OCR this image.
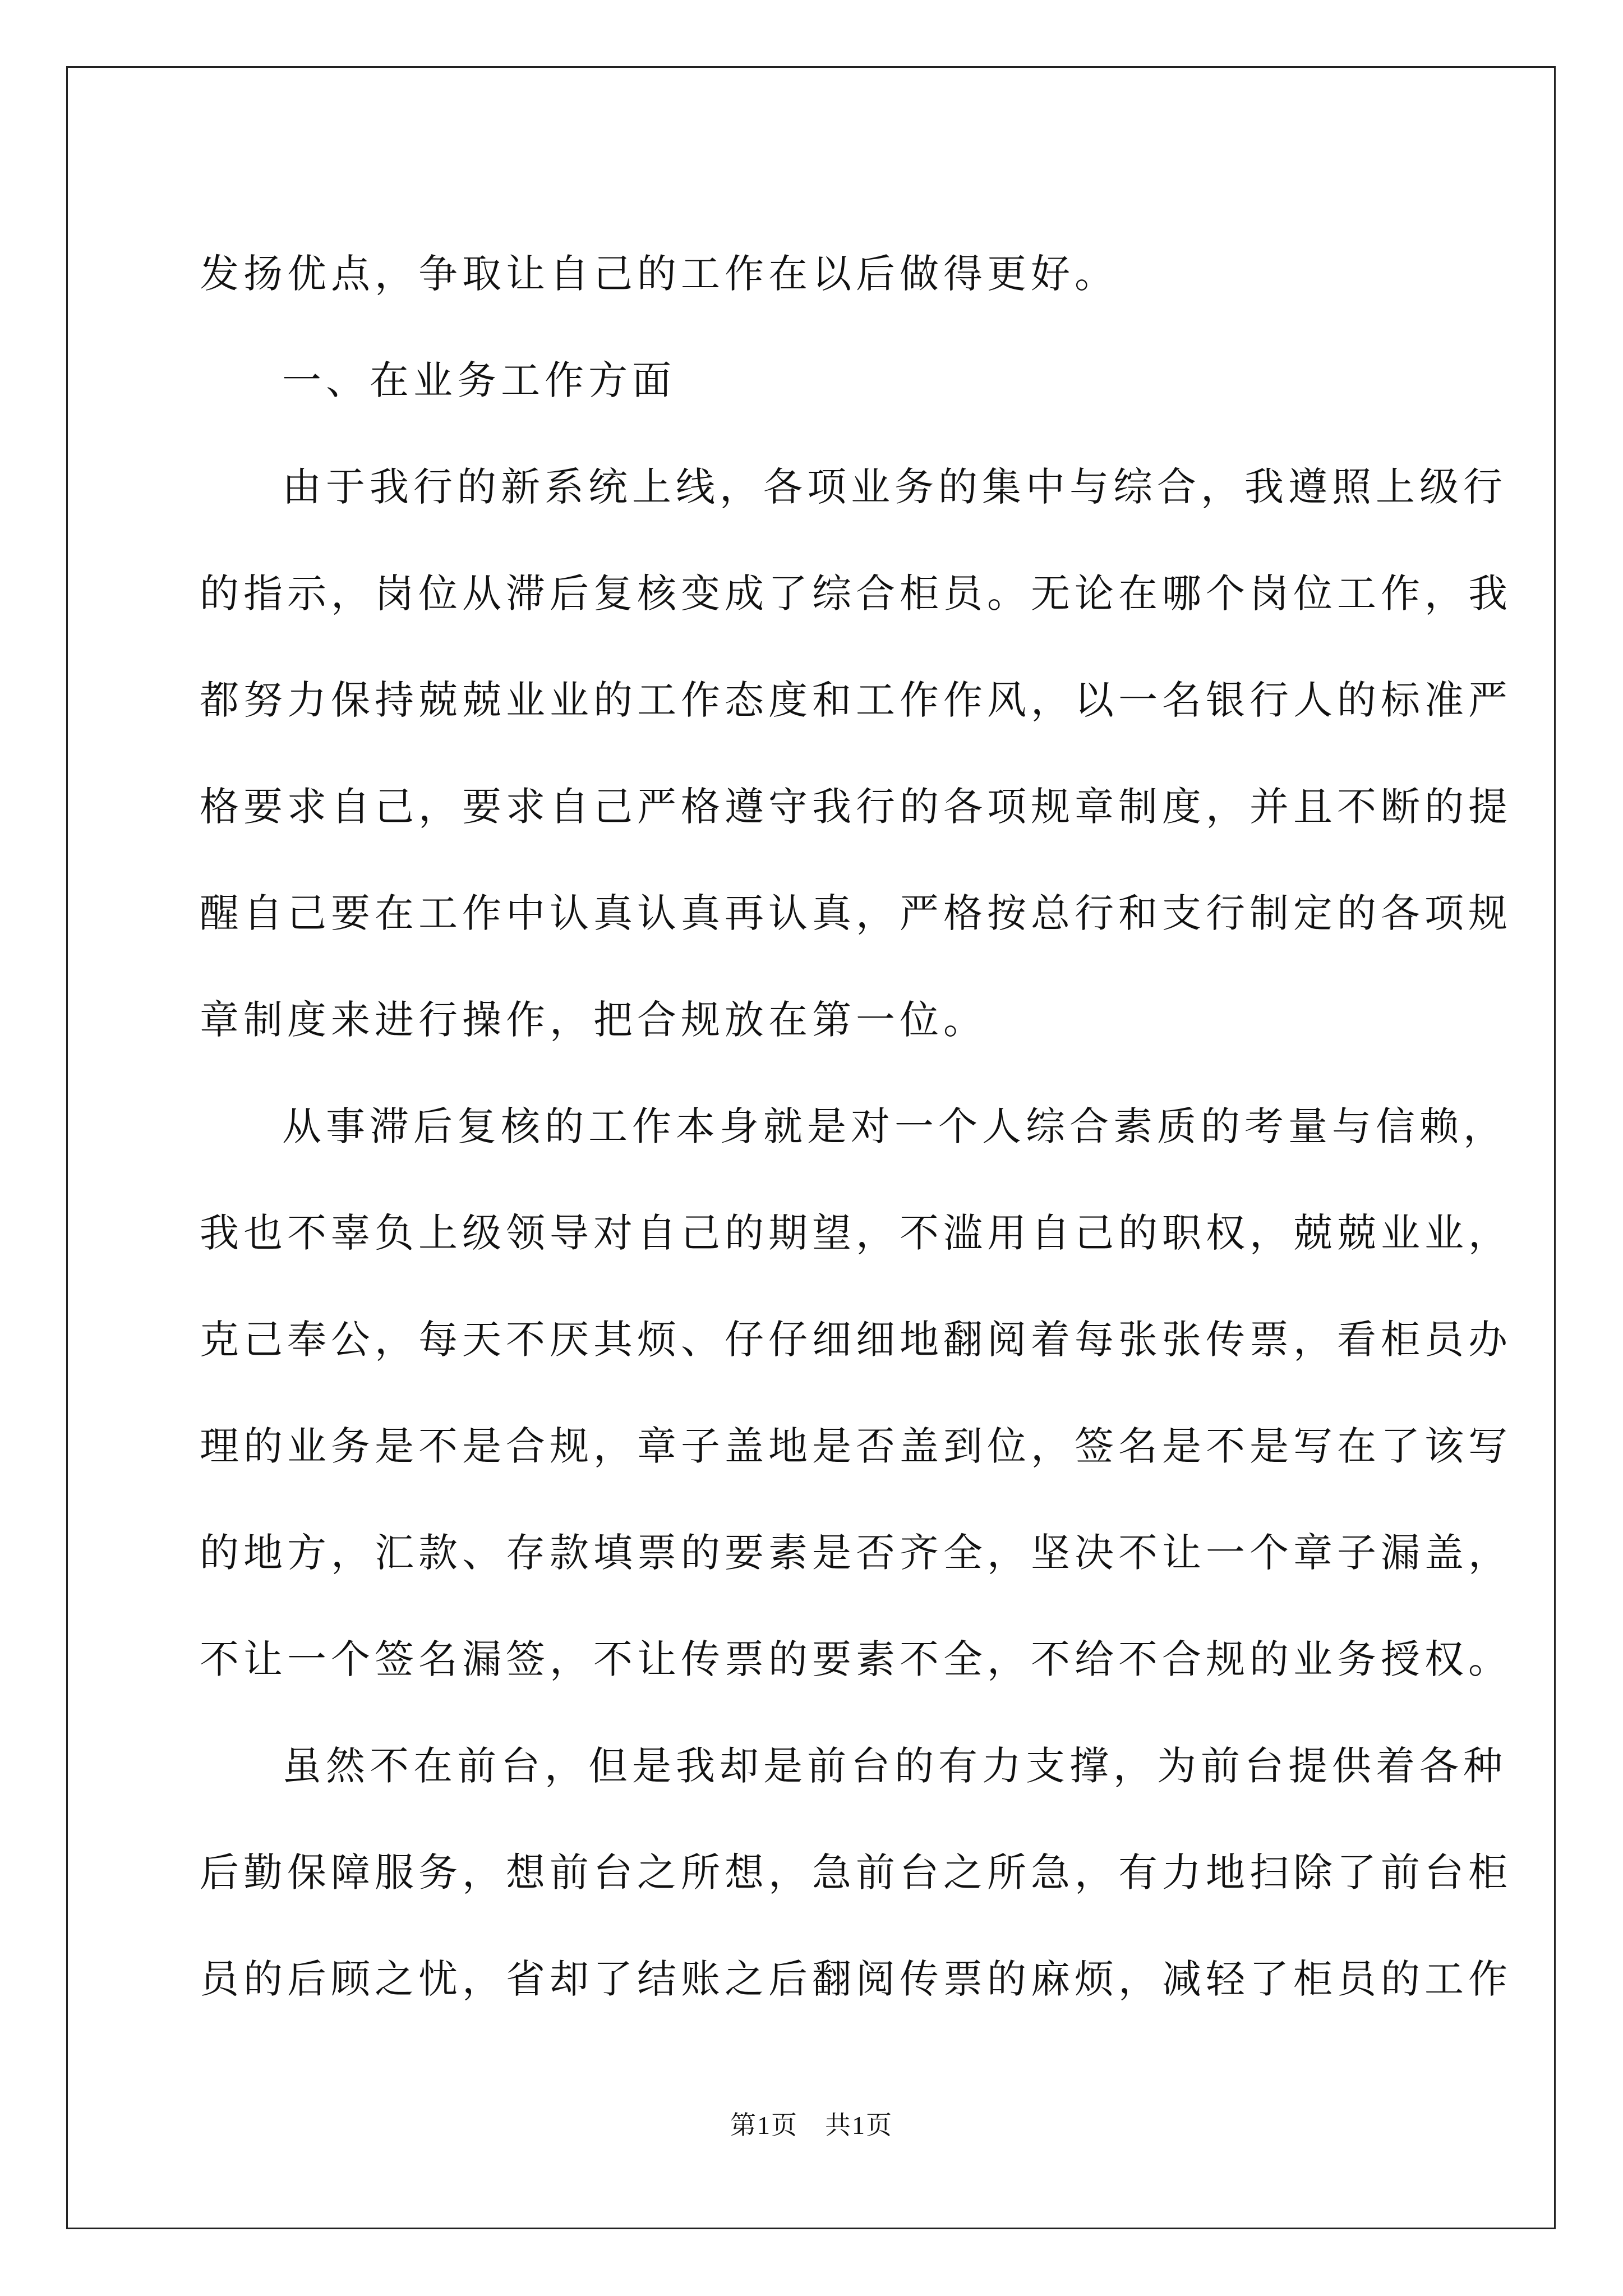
发扬优点，争取让自己的工作在以后做得更好。
一、在业务工作方面
由于我行的新系统上线，各项业务的集中与综合，我遵照上级行
的指示，岗位从滞后复核变成了综合柜员。无论在哪个岗位工作，我
都努力保持兢兢业业的工作态度和工作作风，以一名银行人的标准严
格要求自己，要求自己严格遵守我行的各项规章制度，并且不断的提
醒自己要在工作中认真认真再认真，严格按总行和支行制定的各项规
章制度来进行操作，把合规放在第一位。
从事滞后复核的工作本身就是对一个人综合素质的考量与信赖，
我也不辜负上级领导对自己的期望，不滥用自己的职权，兢兢业业，
克己奉公，每天不厌其烦、仔仔细细地翻阅着每张张传票，看柜员办
理的业务是不是合规，章子盖地是否盖到位，签名是不是写在了该写
的地方，汇款、存款填票的要素是否齐全，坚决不让一个章子漏盖，
不让一个签名漏签，不让传票的要素不全，不给不合规的业务授权。
虽然不在前台，但是我却是前台的有力支撑，为前台提供着各种
后勤保障服务，想前台之所想，急前台之所急，有力地扫除了前台柜
员的后顾之忧，省却了结账之后翻阅传票的麻烦，减轻了柜员的工作
第1页　共1页
